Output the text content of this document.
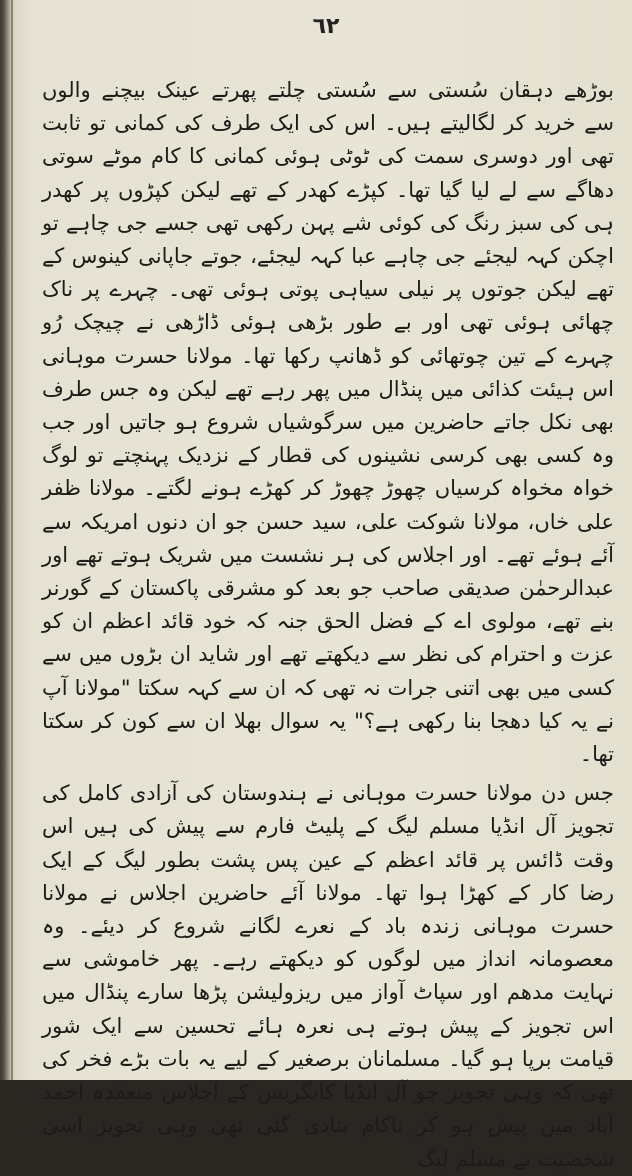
٦٢

بوڑھے دہقان سُستی سے سُستی چلتے پھرتے عینک بیچنے والوں سے خرید کر لگالیتے ہیں۔ اس کی ایک طرف کی کمانی تو ثابت تھی اور دوسری سمت کی ٹوٹی ہوئی کمانی کا کام موٹے سوتی دھاگے سے لے لیا گیا تھا۔ کپڑے کھدر کے تھے لیکن کپڑوں پر کھدر ہی کی سبز رنگ کی کوئی شے پہن رکھی تھی جسے جی چاہے تو اچکن کہہ لیجئے جی چاہے عبا کہہ لیجئے، جوتے جاپانی کینوس کے تھے لیکن جوتوں پر نیلی سیاہی پوتی ہوئی تھی۔ چہرے پر ناک چھائی ہوئی تھی اور بے طور بڑھی ہوئی ڈاڑھی نے چیچک رُو چہرے کے تین چوتھائی کو ڈھانپ رکھا تھا۔ مولانا حسرت موہانی اس ہیئت کذائی میں پنڈال میں پھر رہے تھے لیکن وہ جس طرف بھی نکل جاتے حاضرین میں سرگوشیاں شروع ہو جاتیں اور جب وہ کسی بھی کرسی نشینوں کی قطار کے نزدیک پہنچتے تو لوگ خواہ مخواہ کرسیاں چھوڑ چھوڑ کر کھڑے ہونے لگتے۔ مولانا ظفر علی خاں، مولانا شوکت علی، سید حسن جو ان دنوں امریکہ سے آئے ہوئے تھے۔ اور اجلاس کی ہر نشست میں شریک ہوتے تھے اور عبدالرحمٰن صدیقی صاحب جو بعد کو مشرقی پاکستان کے گورنر بنے تھے، مولوی اے کے فضل الحق جنہ کہ خود قائد اعظم ان کو عزت و احترام کی نظر سے دیکھتے تھے اور شاید ان بڑوں میں سے کسی میں بھی اتنی جرات نہ تھی کہ ان سے کہہ سکتا "مولانا آپ نے یہ کیا دھجا بنا رکھی ہے؟" یہ سوال بھلا ان سے کون کر سکتا تھا۔

جس دن مولانا حسرت موہانی نے ہندوستان کی آزادی کامل کی تجویز آل انڈیا مسلم لیگ کے پلیٹ فارم سے پیش کی ہیں اس وقت ڈائس پر قائد اعظم کے عین پس پشت بطور لیگ کے ایک رضا کار کے کھڑا ہوا تھا۔ مولانا آئے حاضرین اجلاس نے مولانا حسرت موہانی زندہ باد کے نعرے لگانے شروع کر دیئے۔ وہ معصومانہ انداز میں لوگوں کو دیکھتے رہے۔ پھر خاموشی سے نہایت مدھم اور سپاٹ آواز میں ریزولیشن پڑھا سارے پنڈال میں اس تجویز کے پیش ہوتے ہی نعرہ ہائے تحسین سے ایک شور قیامت برپا ہو گیا۔ مسلمانان برصغیر کے لیے یہ بات بڑے فخر کی تھی کہ وہی تجویز جو آل انڈیا کانگریس کے اجلاس منعقدہ احمد آباد میں پیش ہو کر ناکام بنادی گئی تھی وہی تجویز اسی شخصیت نے مسلم لیگ
